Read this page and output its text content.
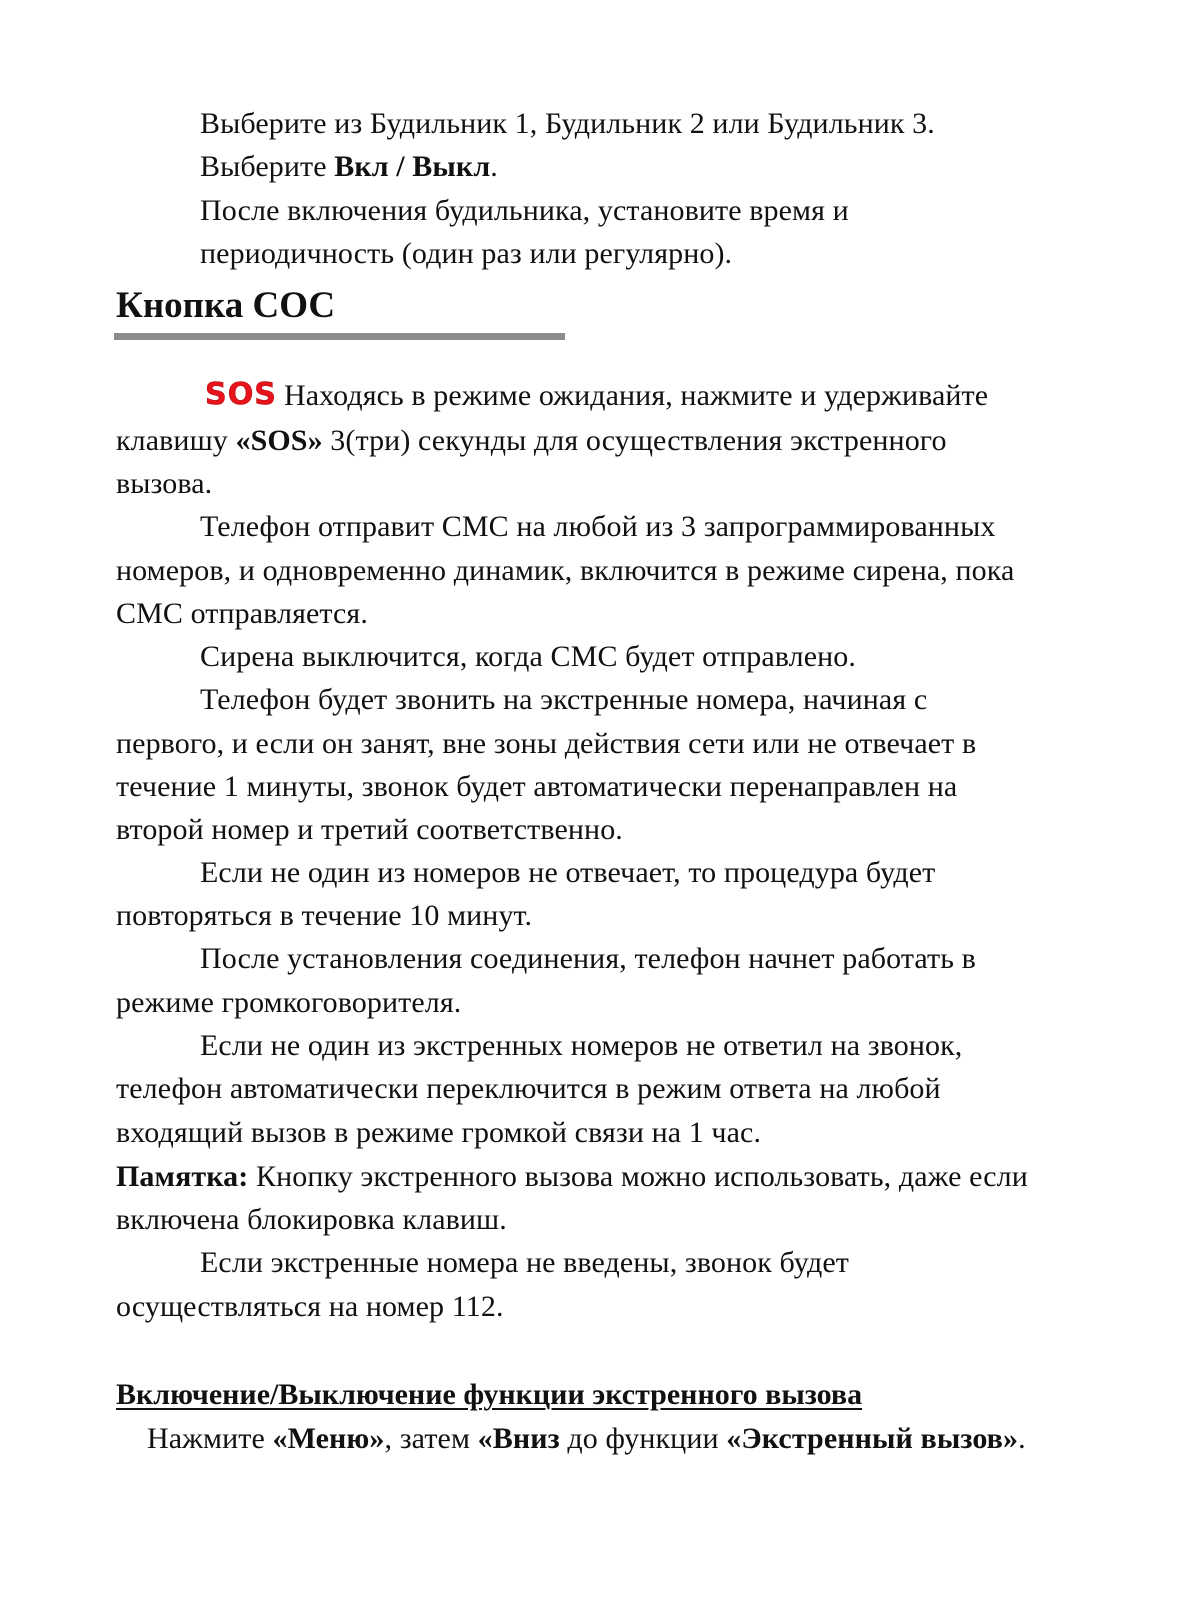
Выберите из Будильник 1, Будильник 2 или Будильник 3.
Выберите Вкл / Выкл.
После включения будильника, установите время и
периодичность (один раз или регулярно).
Кнопка СОС
SOS Находясь в режиме ожидания, нажмите и удерживайте
клавишу «SOS» 3(три) секунды для осуществления экстренного
вызова.
Телефон отправит СМС на любой из 3 запрограммированных
номеров, и одновременно динамик, включится в режиме сирена, пока
СМС отправляется.
Сирена выключится, когда СМС будет отправлено.
Телефон будет звонить на экстренные номера, начиная с
первого, и если он занят, вне зоны действия сети или не отвечает в
течение 1 минуты, звонок будет автоматически перенаправлен на
второй номер и третий соответственно.
Если не один из номеров не отвечает, то процедура будет
повторяться в течение 10 минут.
После установления соединения, телефон начнет работать в
режиме громкоговорителя.
Если не один из экстренных номеров не ответил на звонок,
телефон автоматически переключится в режим ответа на любой
входящий вызов в режиме громкой связи на 1 час.
Памятка: Кнопку экстренного вызова можно использовать, даже если
включена блокировка клавиш.
Если экстренные номера не введены, звонок будет
осуществляться на номер 112.
Включение/Выключение функции экстренного вызова
Нажмите «Меню», затем «Вниз до функции «Экстренный вызов».
